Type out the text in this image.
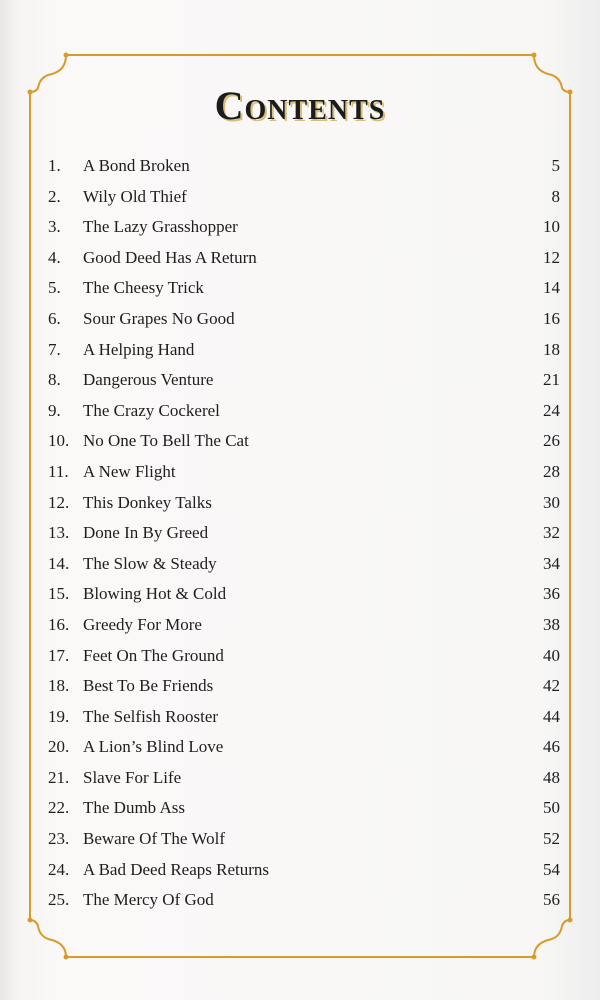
Contents
1.	A Bond Broken	5
2.	Wily Old Thief	8
3.	The Lazy Grasshopper	10
4.	Good Deed Has A Return	12
5.	The Cheesy Trick	14
6.	Sour Grapes No Good	16
7.	A Helping Hand	18
8.	Dangerous Venture	21
9.	The Crazy Cockerel	24
10. No One To Bell The Cat	26
11. A New Flight	28
12. This Donkey Talks	30
13. Done In By Greed	32
14. The Slow & Steady	34
15. Blowing Hot & Cold	36
16. Greedy For More	38
17. Feet On The Ground	40
18. Best To Be Friends	42
19. The Selfish Rooster	44
20. A Lion’s Blind Love	46
21. Slave For Life	48
22. The Dumb Ass	50
23. Beware Of The Wolf	52
24. A Bad Deed Reaps Returns	54
25. The Mercy Of God	56
